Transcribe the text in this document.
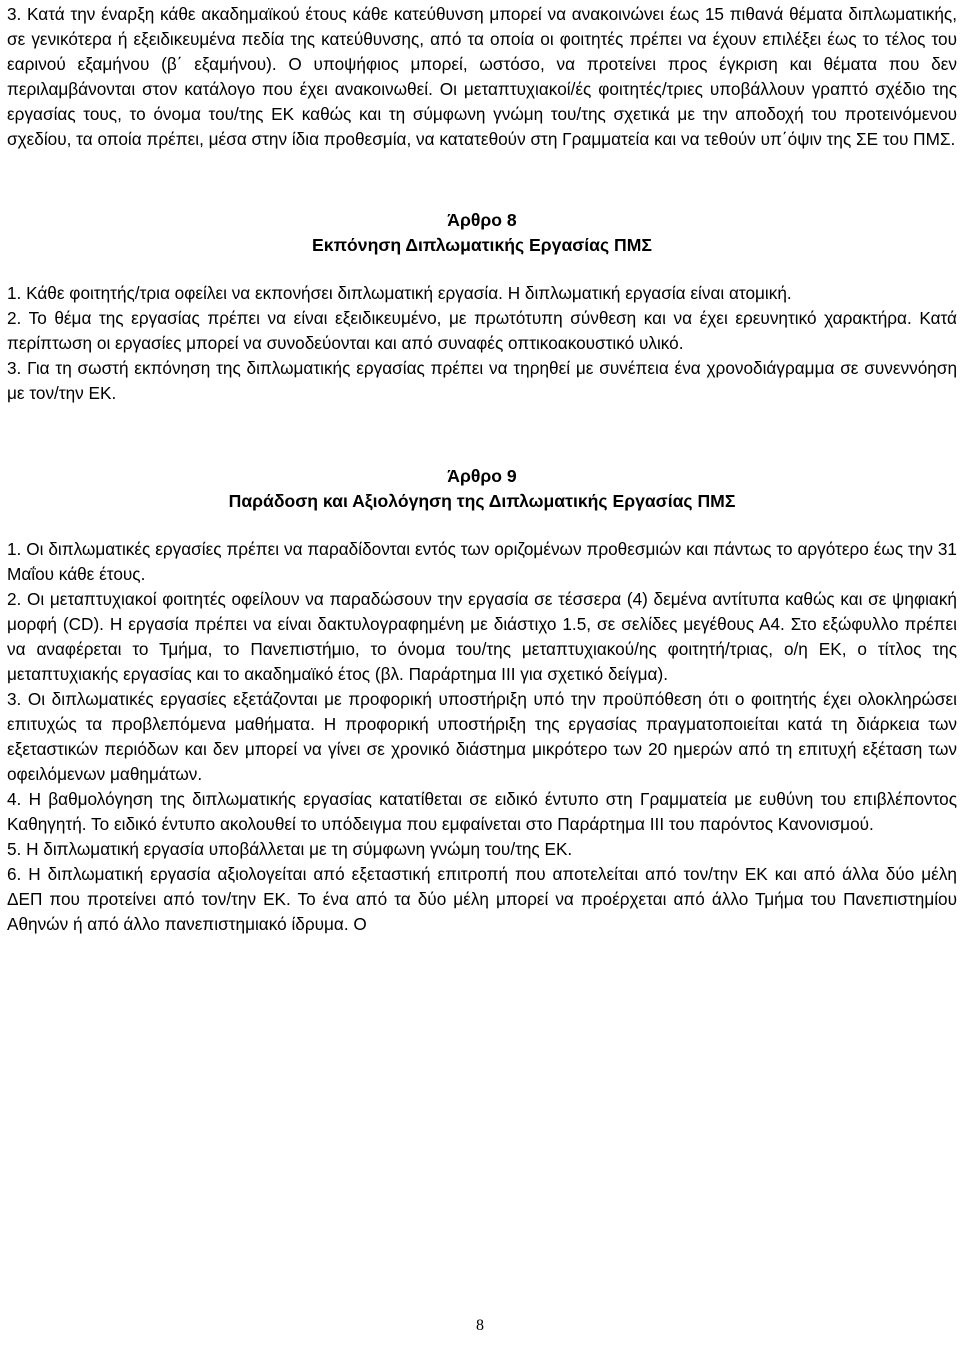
3. Κατά την έναρξη κάθε ακαδημαϊκού έτους κάθε κατεύθυνση μπορεί να ανακοινώνει έως 15 πιθανά θέματα διπλωματικής, σε γενικότερα ή εξειδικευμένα πεδία της κατεύθυνσης, από τα οποία οι φοιτητές πρέπει να έχουν επιλέξει έως το τέλος του εαρινού εξαμήνου (β΄ εξαμήνου). Ο υποψήφιος μπορεί, ωστόσο, να προτείνει προς έγκριση και θέματα που δεν περιλαμβάνονται στον κατάλογο που έχει ανακοινωθεί. Οι μεταπτυχιακοί/ές φοιτητές/τριες υποβάλλουν γραπτό σχέδιο της εργασίας τους, το όνομα του/της ΕΚ καθώς και τη σύμφωνη γνώμη του/της σχετικά με την αποδοχή του προτεινόμενου σχεδίου, τα οποία πρέπει, μέσα στην ίδια προθεσμία, να κατατεθούν στη Γραμματεία και να τεθούν υπ΄όψιν της ΣΕ του ΠΜΣ.

Άρθρο 8

Εκπόνηση Διπλωματικής Εργασίας ΠΜΣ

1. Κάθε φοιτητής/τρια οφείλει να εκπονήσει διπλωματική εργασία. Η διπλωματική εργασία είναι ατομική.

2. Το θέμα της εργασίας πρέπει να είναι εξειδικευμένο, με πρωτότυπη σύνθεση και να έχει ερευνητικό χαρακτήρα. Κατά περίπτωση οι εργασίες μπορεί να συνοδεύονται και από συναφές οπτικοακουστικό υλικό.

3. Για τη σωστή εκπόνηση της διπλωματικής εργασίας πρέπει να τηρηθεί με συνέπεια ένα χρονοδιάγραμμα σε συνεννόηση με τον/την ΕΚ.

Άρθρο 9

Παράδοση και Αξιολόγηση της Διπλωματικής Εργασίας ΠΜΣ

1. Οι διπλωματικές εργασίες πρέπει να παραδίδονται εντός των οριζομένων προθεσμιών και πάντως το αργότερο έως την 31 Μαΐου κάθε έτους.

2. Οι μεταπτυχιακοί φοιτητές οφείλουν να παραδώσουν την εργασία σε τέσσερα (4) δεμένα αντίτυπα καθώς και σε ψηφιακή μορφή (CD). Η εργασία πρέπει να είναι δακτυλογραφημένη με διάστιχο 1.5, σε σελίδες μεγέθους Α4. Στο εξώφυλλο πρέπει να αναφέρεται το Τμήμα, το Πανεπιστήμιο, το όνομα του/της μεταπτυχιακού/ης φοιτητή/τριας, ο/η ΕΚ, ο τίτλος της μεταπτυχιακής εργασίας και το ακαδημαϊκό έτος (βλ. Παράρτημα ΙΙΙ για σχετικό δείγμα).

3. Οι διπλωματικές εργασίες εξετάζονται με προφορική υποστήριξη υπό την προϋπόθεση ότι ο φοιτητής έχει ολοκληρώσει επιτυχώς τα προβλεπόμενα μαθήματα. Η προφορική υποστήριξη της εργασίας πραγματοποιείται κατά τη διάρκεια των εξεταστικών περιόδων και δεν μπορεί να γίνει σε χρονικό διάστημα μικρότερο των 20 ημερών από τη επιτυχή εξέταση των οφειλόμενων μαθημάτων.

4. Η βαθμολόγηση της διπλωματικής εργασίας κατατίθεται σε ειδικό έντυπο στη Γραμματεία με ευθύνη του επιβλέποντος Καθηγητή. Το ειδικό έντυπο ακολουθεί το υπόδειγμα που εμφαίνεται στο Παράρτημα ΙΙΙ του παρόντος Κανονισμού.

5. Η διπλωματική εργασία υποβάλλεται με τη σύμφωνη γνώμη του/της ΕΚ.

6. Η διπλωματική εργασία αξιολογείται από εξεταστική επιτροπή που αποτελείται από τον/την ΕΚ και από άλλα δύο μέλη ΔΕΠ που προτείνει από τον/την ΕΚ. Το ένα από τα δύο μέλη μπορεί να προέρχεται από άλλο Τμήμα του Πανεπιστημίου Αθηνών ή από άλλο πανεπιστημιακό ίδρυμα. Ο

8
